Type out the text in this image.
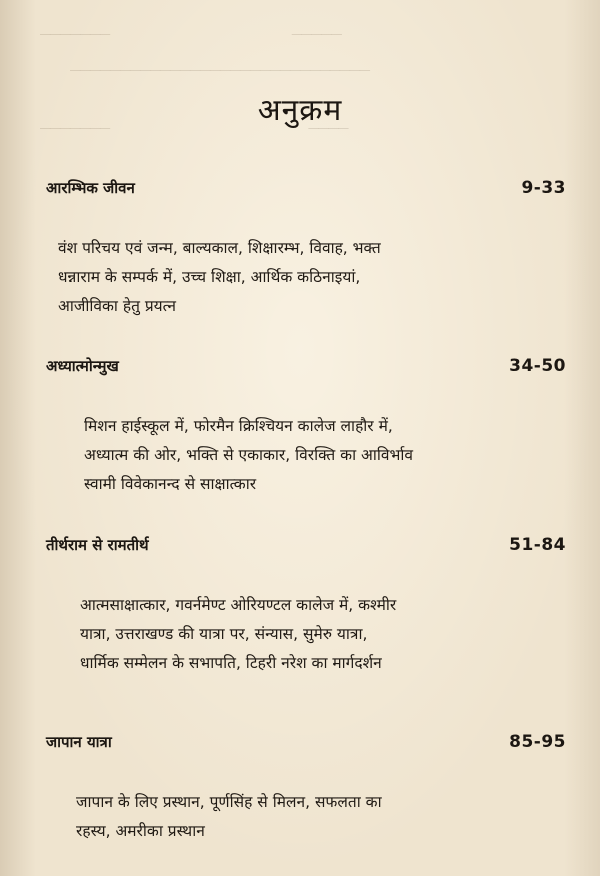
▔▔▔▔▔▔▔                                            ▔▔▔▔▔
▔▔▔▔▔▔▔▔▔▔▔▔▔▔▔▔▔▔▔▔▔▔▔▔▔▔▔▔▔▔
▔▔▔▔▔▔▔                                                ▔▔▔▔
अनुक्रम
आरम्भिक जीवन	9-33
वंश परिचय एवं जन्म, बाल्यकाल, शिक्षारम्भ, विवाह, भक्त
धन्नाराम के सम्पर्क में, उच्च शिक्षा, आर्थिक कठिनाइयां,
आजीविका हेतु प्रयत्न
अध्यात्मोन्मुख	34-50
मिशन हाईस्कूल में, फोरमैन क्रिश्चियन कालेज लाहौर में,
अध्यात्म की ओर, भक्ति से एकाकार, विरक्ति का आविर्भाव
स्वामी विवेकानन्द से साक्षात्कार
तीर्थराम से रामतीर्थ	51-84
आत्मसाक्षात्कार, गवर्नमेण्ट ओरियण्टल कालेज में, कश्मीर
यात्रा, उत्तराखण्ड की यात्रा पर, संन्यास, सुमेरु यात्रा,
धार्मिक सम्मेलन के सभापति, टिहरी नरेश का मार्गदर्शन
जापान यात्रा	85-95
जापान के लिए प्रस्थान, पूर्णसिंह से मिलन, सफलता का
रहस्य, अमरीका प्रस्थान
